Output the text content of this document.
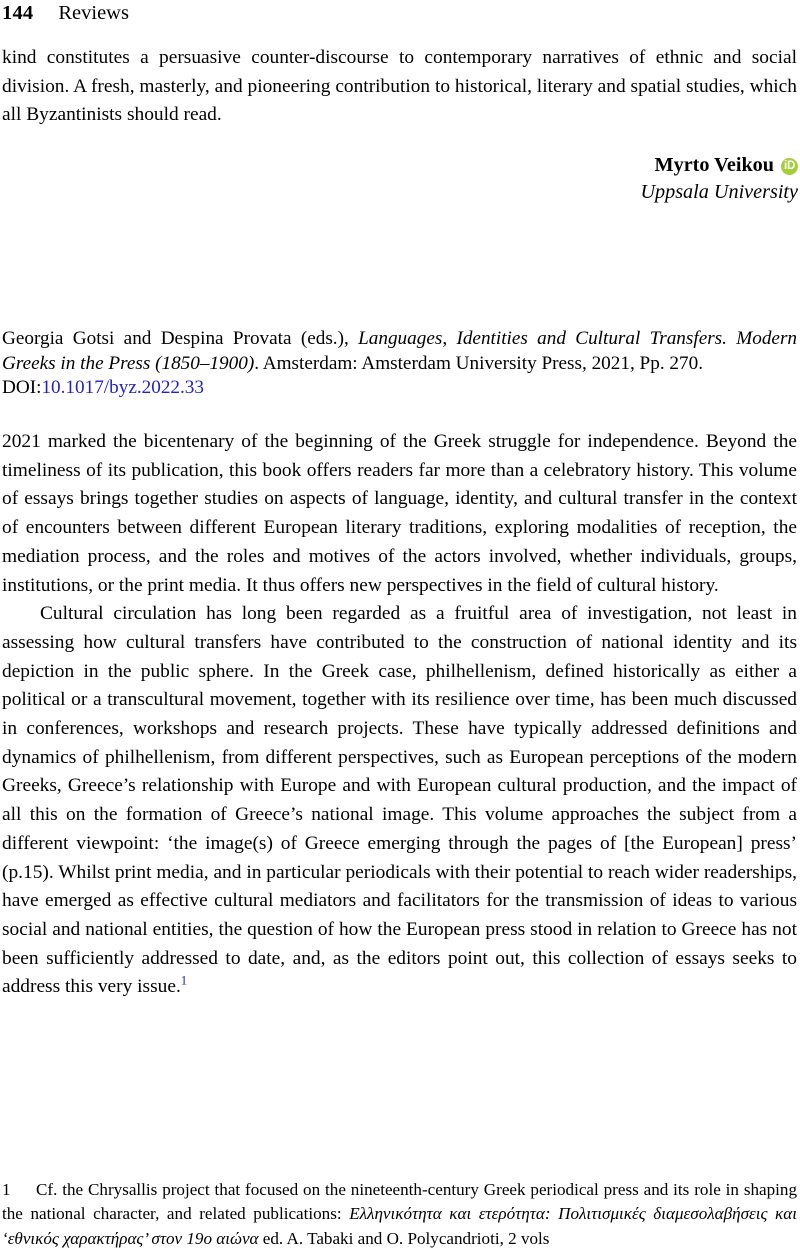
144 Reviews

kind constitutes a persuasive counter-discourse to contemporary narratives of ethnic and social division. A fresh, masterly, and pioneering contribution to historical, literary and spatial studies, which all Byzantinists should read.

Myrto Veikou iD
Uppsala University
Georgia Gotsi and Despina Provata (eds.), Languages, Identities and Cultural Transfers. Modern Greeks in the Press (1850–1900). Amsterdam: Amsterdam University Press, 2021, Pp. 270.
DOI:10.1017/byz.2022.33

2021 marked the bicentenary of the beginning of the Greek struggle for independence. Beyond the timeliness of its publication, this book offers readers far more than a celebratory history. This volume of essays brings together studies on aspects of language, identity, and cultural transfer in the context of encounters between different European literary traditions, exploring modalities of reception, the mediation process, and the roles and motives of the actors involved, whether individuals, groups, institutions, or the print media. It thus offers new perspectives in the field of cultural history.

Cultural circulation has long been regarded as a fruitful area of investigation, not least in assessing how cultural transfers have contributed to the construction of national identity and its depiction in the public sphere. In the Greek case, philhellenism, defined historically as either a political or a transcultural movement, together with its resilience over time, has been much discussed in conferences, workshops and research projects. These have typically addressed definitions and dynamics of philhellenism, from different perspectives, such as European perceptions of the modern Greeks, Greece’s relationship with Europe and with European cultural production, and the impact of all this on the formation of Greece’s national image. This volume approaches the subject from a different viewpoint: ‘the image(s) of Greece emerging through the pages of [the European] press’ (p.15). Whilst print media, and in particular periodicals with their potential to reach wider readerships, have emerged as effective cultural mediators and facilitators for the transmission of ideas to various social and national entities, the question of how the European press stood in relation to Greece has not been sufficiently addressed to date, and, as the editors point out, this collection of essays seeks to address this very issue.$^1$

1 Cf. the Chrysallis project that focused on the nineteenth-century Greek periodical press and its role in shaping the national character, and related publications: Ελληνικότητα και ετερότητα: Πολιτισμικές διαμεσολαβήσεις και ‘εθνικός χαρακτήρας’ στον 19ο αιώνα ed. A. Tabaki and O. Polycandrioti, 2 vols
